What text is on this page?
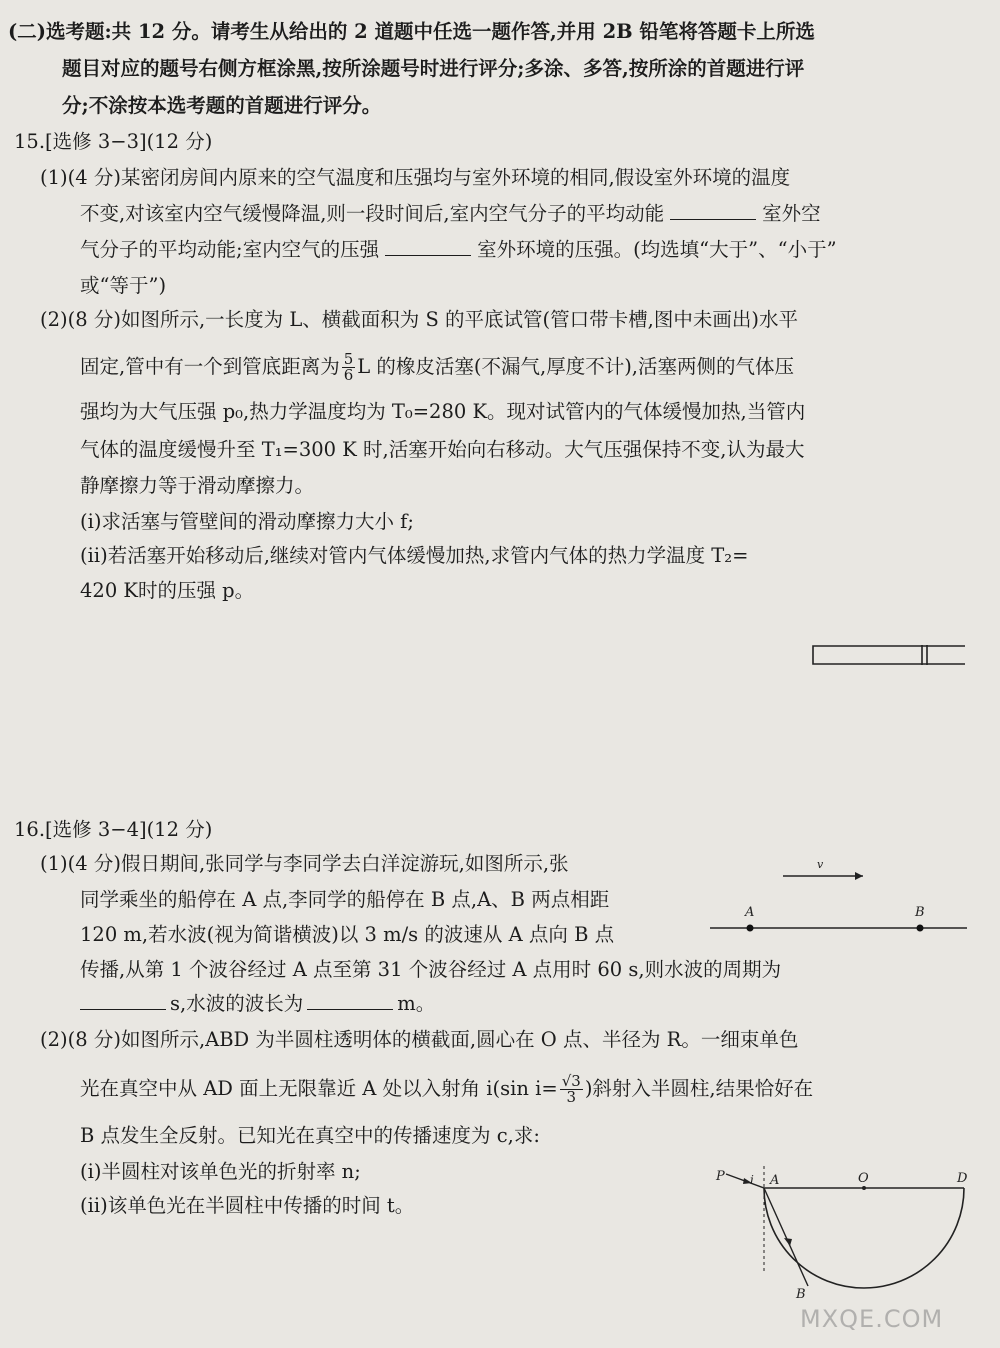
(二)选考题:共 12 分。请考生从给出的 2 道题中任选一题作答,并用 2B 铅笔将答题卡上所选
题目对应的题号右侧方框涂黑,按所涂题号时进行评分;多涂、多答,按所涂的首题进行评
分;不涂按本选考题的首题进行评分。
15.[选修 3−3](12 分)
(1)(4 分)某密闭房间内原来的空气温度和压强均与室外环境的相同,假设室外环境的温度
不变,对该室内空气缓慢降温,则一段时间后,室内空气分子的平均动能	室外空
气分子的平均动能;室内空气的压强	室外环境的压强。(均选填“大于”、“小于”
或“等于”)
(2)(8 分)如图所示,一长度为 L、横截面积为 S 的平底试管(管口带卡槽,图中未画出)水平
固定,管中有一个到管底距离为 $\frac{5}{6}$ L 的橡皮活塞(不漏气,厚度不计),活塞两侧的气体压
强均为大气压强 p₀,热力学温度均为 T₀=280 K。现对试管内的气体缓慢加热,当管内
气体的温度缓慢升至 T₁=300 K 时,活塞开始向右移动。大气压强保持不变,认为最大
静摩擦力等于滑动摩擦力。
(ⅰ)求活塞与管壁间的滑动摩擦力大小 f;
(ⅱ)若活塞开始移动后,继续对管内气体缓慢加热,求管内气体的热力学温度 T₂=
420 K时的压强 p。
16.[选修 3−4](12 分)
(1)(4 分)假日期间,张同学与李同学去白洋淀游玩,如图所示,张
同学乘坐的船停在 A 点,李同学的船停在 B 点,A、B 两点相距
120 m,若水波(视为简谐横波)以 3 m/s 的波速从 A 点向 B 点
传播,从第 1 个波谷经过 A 点至第 31 个波谷经过 A 点用时 60 s,则水波的周期为
s,水波的波长为	m。
v
A	B
(2)(8 分)如图所示,ABD 为半圆柱透明体的横截面,圆心在 O 点、半径为 R。一细束单色
光在真空中从 AD 面上无限靠近 A 处以入射角 i(sin $i= \frac{√3}{3}$ )斜射入半圆柱,结果恰好在
B 点发生全反射。已知光在真空中的传播速度为 c,求:
(ⅰ)半圆柱对该单色光的折射率 n;
(ⅱ)该单色光在半圆柱中传播的时间 t。
P i A	O	D
B
MXQE.COM
